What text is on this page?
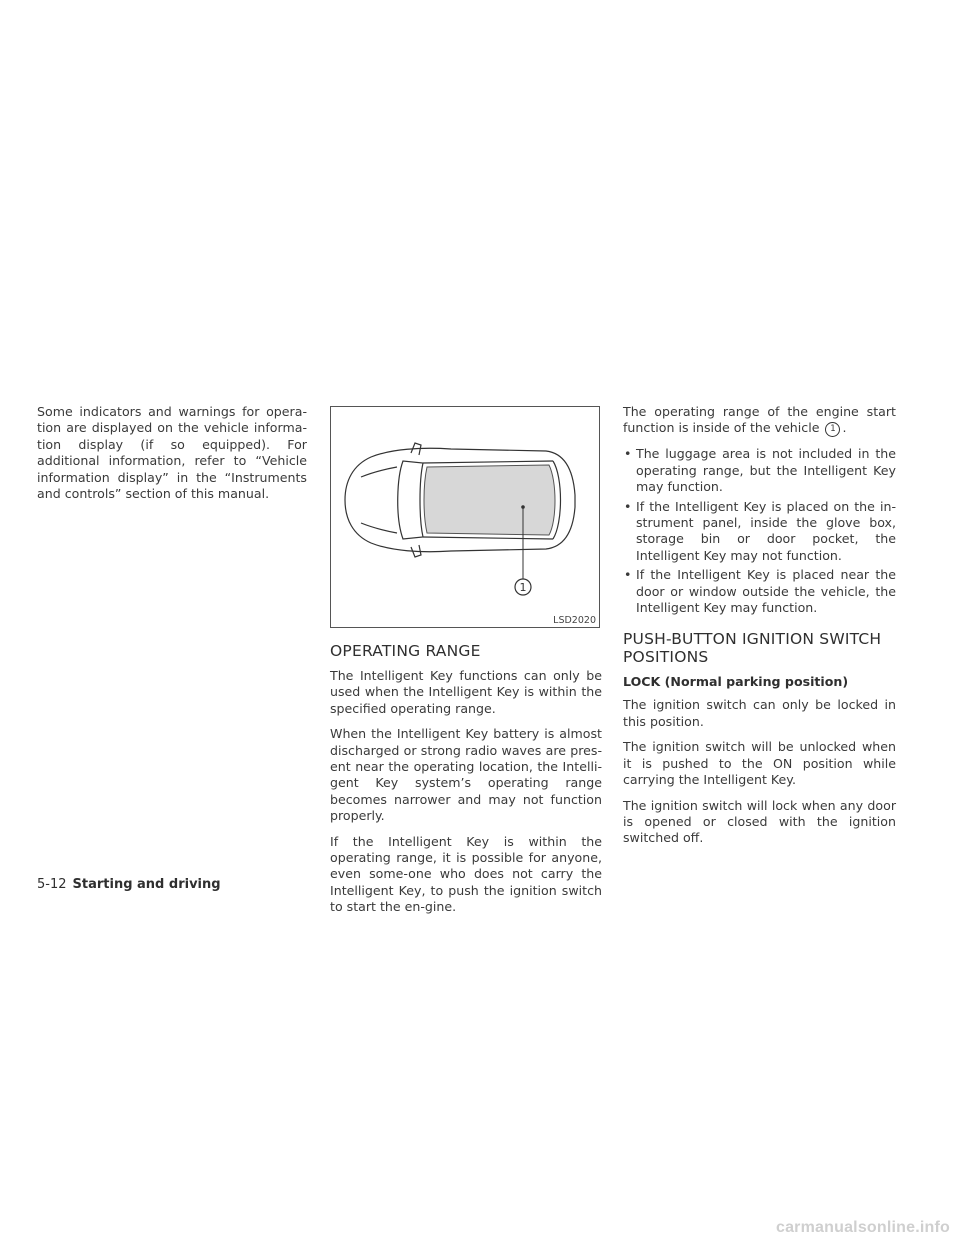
Some indicators and warnings for opera-tion are displayed on the vehicle informa-tion display (if so equipped). For additional information, refer to “Vehicle information display” in the “Instruments and controls” section of this manual.

1
LSD2020
OPERATING RANGE

The Intelligent Key functions can only be used when the Intelligent Key is within the specified operating range.

When the Intelligent Key battery is almost discharged or strong radio waves are pres-ent near the operating location, the Intelli-gent Key system’s operating range becomes narrower and may not function properly.

If the Intelligent Key is within the operating range, it is possible for anyone, even some-one who does not carry the Intelligent Key, to push the ignition switch to start the en-gine.

The operating range of the engine start function is inside of the vehicle 1 .

• The luggage area is not included in the operating range, but the Intelligent Key may function.
• If the Intelligent Key is placed on the in-strument panel, inside the glove box, storage bin or door pocket, the Intelligent Key may not function.
• If the Intelligent Key is placed near the door or window outside the vehicle, the Intelligent Key may function.
PUSH-BUTTON IGNITION SWITCH POSITIONS
LOCK (Normal parking position)

The ignition switch can only be locked in this position.

The ignition switch will be unlocked when it is pushed to the ON position while carrying the Intelligent Key.

The ignition switch will lock when any door is opened or closed with the ignition switched off.

5-12 Starting and driving
carmanualsonline.info
